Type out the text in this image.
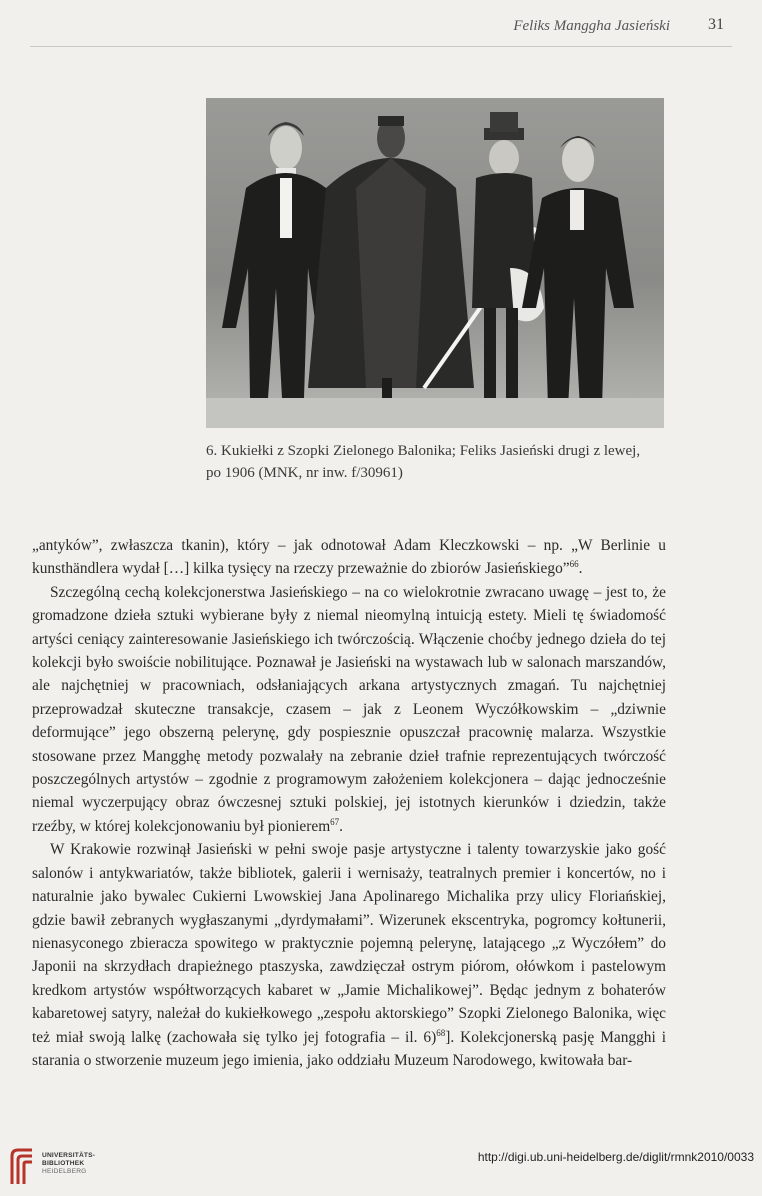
Feliks Manggha Jasieński 31
6. Kukiełki z Szopki Zielonego Balonika; Feliks Jasieński drugi z lewej,
po 1906 (MNK, nr inw. f/30961)

„antyków”, zwłaszcza tkanin), który – jak odnotował Adam Kleczkowski – np. „W Berlinie u kunsthändlera wydał […] kilka tysięcy na rzeczy przeważnie do zbiorów Jasieńskiego”$^{66}$.

Szczególną cechą kolekcjonerstwa Jasieńskiego – na co wielokrotnie zwracano uwagę – jest to, że gromadzone dzieła sztuki wybierane były z niemal nieomylną intuicją estety. Mieli tę świadomość artyści ceniący zainteresowanie Jasieńskiego ich twórczością. Włączenie choćby jednego dzieła do tej kolekcji było swoiście nobilitujące. Poznawał je Jasieński na wystawach lub w salonach marszandów, ale najchętniej w pracowniach, odsłaniających arkana artystycznych zmagań. Tu najchętniej przeprowadzał skuteczne transakcje, czasem – jak z Leonem Wyczółkowskim – „dziwnie deformujące” jego obszerną pelerynę, gdy pospiesznie opuszczał pracownię malarza. Wszystkie stosowane przez Mangghę metody pozwalały na zebranie dzieł trafnie reprezentujących twórczość poszczególnych artystów – zgodnie z programowym założeniem kolekcjonera – dając jednocześnie niemal wyczerpujący obraz ówczesnej sztuki polskiej, jej istotnych kierunków i dziedzin, także rzeźby, w której kolekcjonowaniu był pionierem$^{67}$.

W Krakowie rozwinął Jasieński w pełni swoje pasje artystyczne i talenty towarzyskie jako gość salonów i antykwariatów, także bibliotek, galerii i wernisaży, teatralnych premier i koncertów, no i naturalnie jako bywalec Cukierni Lwowskiej Jana Apolinarego Michalika przy ulicy Floriańskiej, gdzie bawił zebranych wygłaszanymi „dyrdymałami”. Wizerunek ekscentryka, pogromcy kołtunerii, nienasyconego zbieracza spowitego w praktycznie pojemną pelerynę, latającego „z Wyczółem” do Japonii na skrzydłach drapieżnego ptaszyska, zawdzięczał ostrym piórom, ołówkom i pastelowym kredkom artystów współtworzących kabaret w „Jamie Michalikowej”. Będąc jednym z bohaterów kabaretowej satyry, należał do kukiełkowego „zespołu aktorskiego” Szopki Zielonego Balonika, więc też miał swoją lalkę (zachowała się tylko jej fotografia – il. 6)$^{68}$]. Kolekcjonerską pasję Mangghi i starania o stworzenie muzeum jego imienia, jako oddziału Muzeum Narodowego, kwitowała bar-

UNIVERSITÄTS-
BIBLIOTHEK
HEIDELBERG
http://digi.ub.uni-heidelberg.de/diglit/rmnk2010/0033
